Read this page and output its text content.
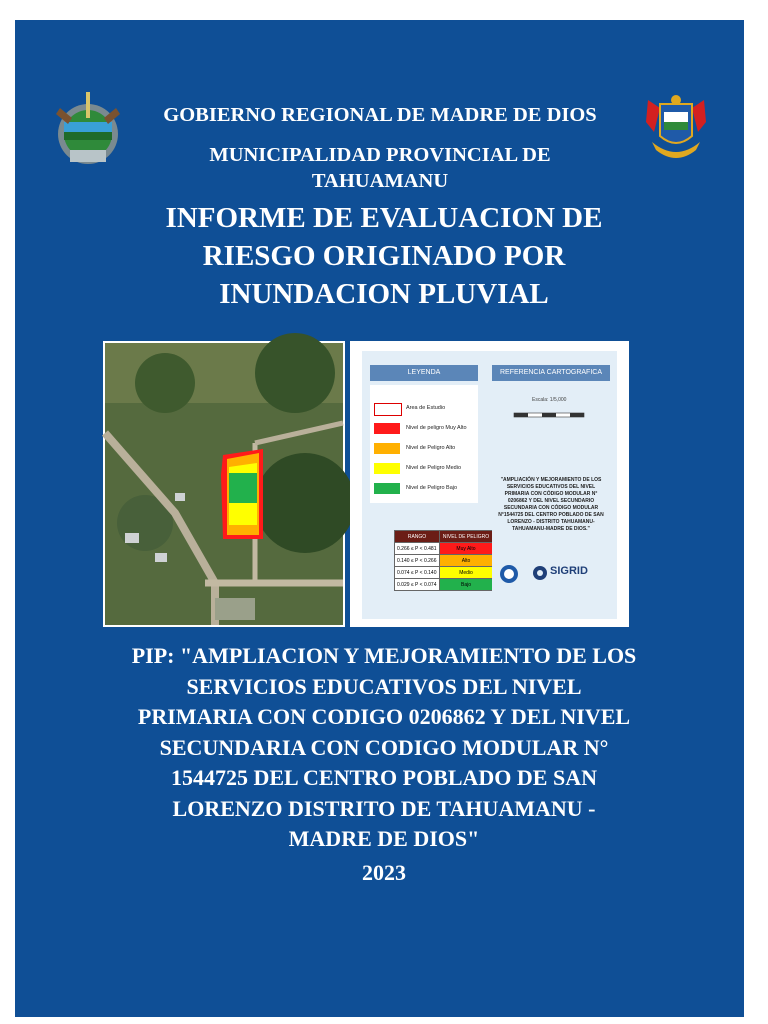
GOBIERNO REGIONAL DE MADRE DE DIOS
MUNICIPALIDAD PROVINCIAL DE TAHUAMANU
INFORME DE EVALUACION DE
RIESGO ORIGINADO POR
INUNDACION PLUVIAL
LEYENDA	REFERENCIA CARTOGRAFICA
Area de Estudio
Nivel de peligro Muy Alto
Nivel de Peligro Alto
Nivel de Peligro Medio
Nivel de Peligro Bajo
RANGO	NIVEL DE PELIGRO
0.266 ≤ P < 0.481	Muy Alto
0.140 ≤ P < 0.266	Alto
0.074 ≤ P < 0.140	Medio
0.029 ≤ P < 0.074	Bajo
Escala: 1/5,000
"AMPLIACIÓN Y MEJORAMIENTO DE LOS SERVICIOS EDUCATIVOS DEL NIVEL PRIMARIA CON CÓDIGO MODULAR N° 0206862 Y DEL NIVEL SECUNDARIO SECUNDARIA CON CÓDIGO MODULAR N°1544725 DEL CENTRO POBLADO DE SAN LORENZO - DISTRITO TAHUAMANU-TAHUAMANU-MADRE DE DIOS."
SIGRID
PIP: "AMPLIACION Y MEJORAMIENTO DE LOS
SERVICIOS EDUCATIVOS DEL NIVEL
PRIMARIA CON CODIGO 0206862 Y DEL NIVEL
SECUNDARIA CON CODIGO MODULAR N°
1544725 DEL CENTRO POBLADO DE SAN
LORENZO DISTRITO DE TAHUAMANU -
MADRE DE DIOS"
2023
